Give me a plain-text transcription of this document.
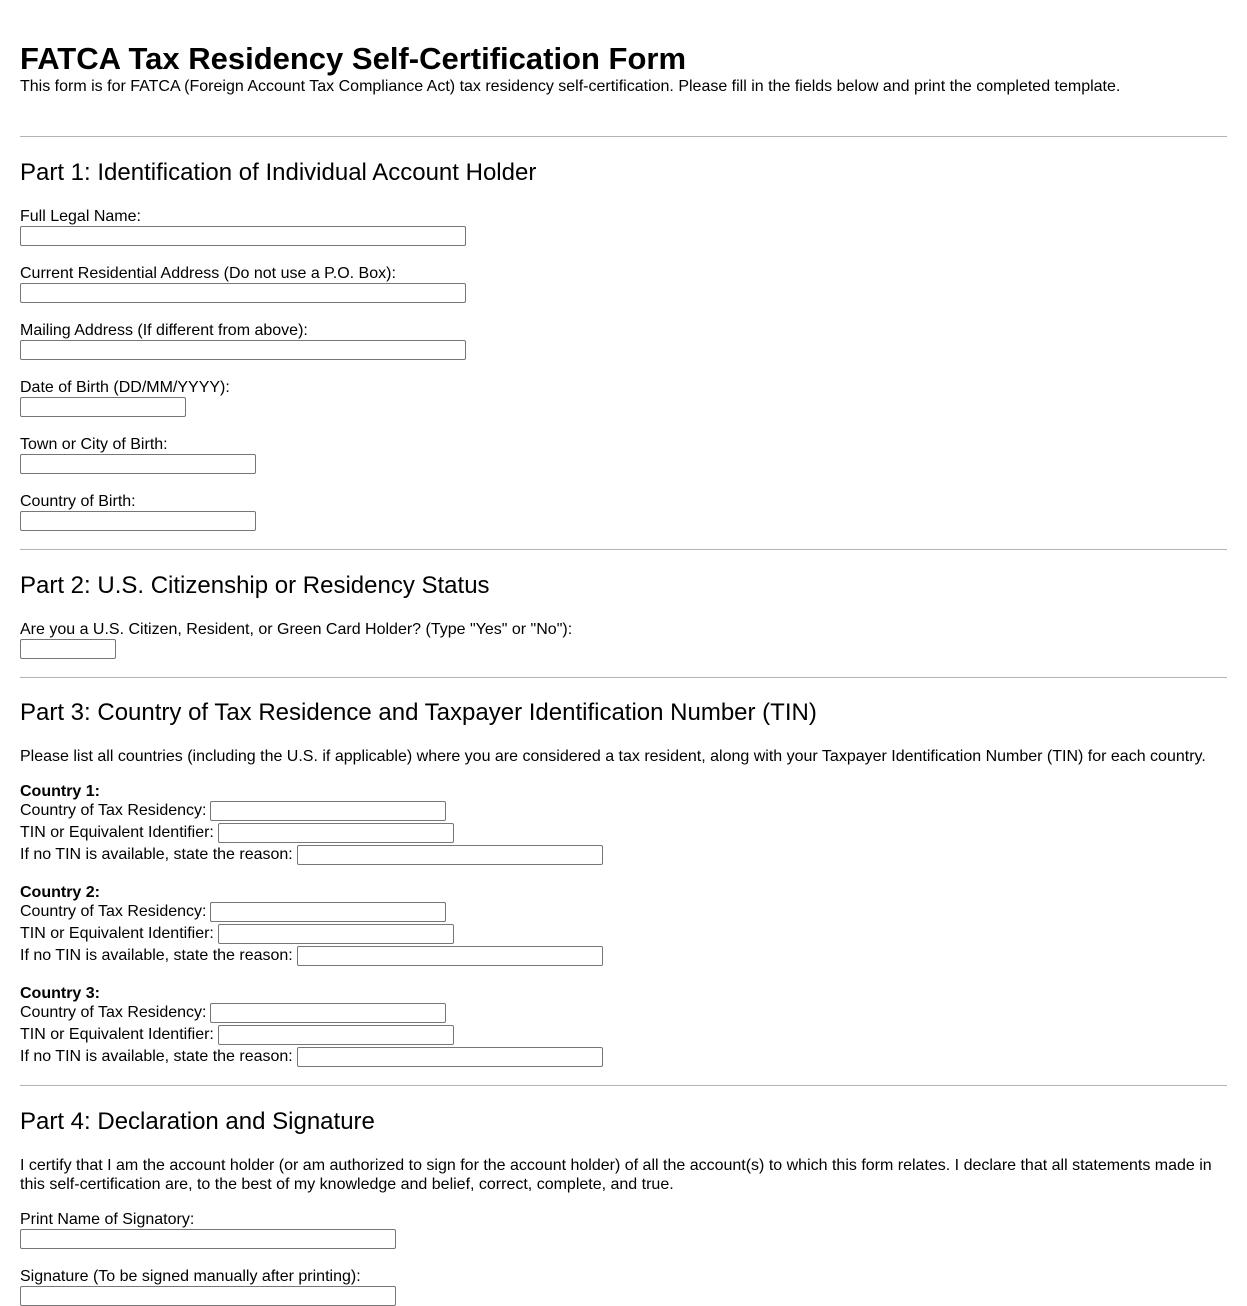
FATCA Tax Residency Self-Certification Form

This form is for FATCA (Foreign Account Tax Compliance Act) tax residency self-certification. Please fill in the fields below and print the completed template.

Part 1: Identification of Individual Account Holder
Full Legal Name:
Current Residential Address (Do not use a P.O. Box):
Mailing Address (If different from above):
Date of Birth (DD/MM/YYYY):
Town or City of Birth:
Country of Birth:
Part 2: U.S. Citizenship or Residency Status
Are you a U.S. Citizen, Resident, or Green Card Holder? (Type "Yes" or "No"):
Part 3: Country of Tax Residence and Taxpayer Identification Number (TIN)

Please list all countries (including the U.S. if applicable) where you are considered a tax resident, along with your Taxpayer Identification Number (TIN) for each country.

Country 1:
Country of Tax Residency:
TIN or Equivalent Identifier:
If no TIN is available, state the reason:
Country 2:
Country of Tax Residency:
TIN or Equivalent Identifier:
If no TIN is available, state the reason:
Country 3:
Country of Tax Residency:
TIN or Equivalent Identifier:
If no TIN is available, state the reason:
Part 4: Declaration and Signature

I certify that I am the account holder (or am authorized to sign for the account holder) of all the account(s) to which this form relates. I declare that all statements made in this self-certification are, to the best of my knowledge and belief, correct, complete, and true.

Print Name of Signatory:
Signature (To be signed manually after printing):
